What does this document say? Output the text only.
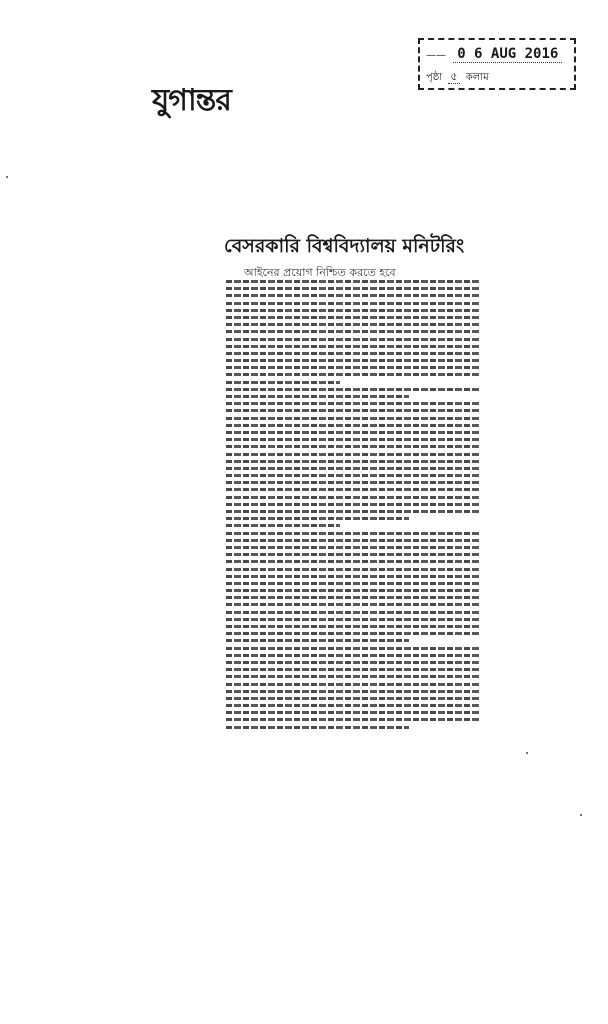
যুগান্তর
—— 0 6 AUG 2016
পৃষ্ঠা ৫ কলাম
বেসরকারি বিশ্ববিদ্যালয় মনিটরিং
আইনের প্রয়োগ নিশ্চিত করতে হবে
